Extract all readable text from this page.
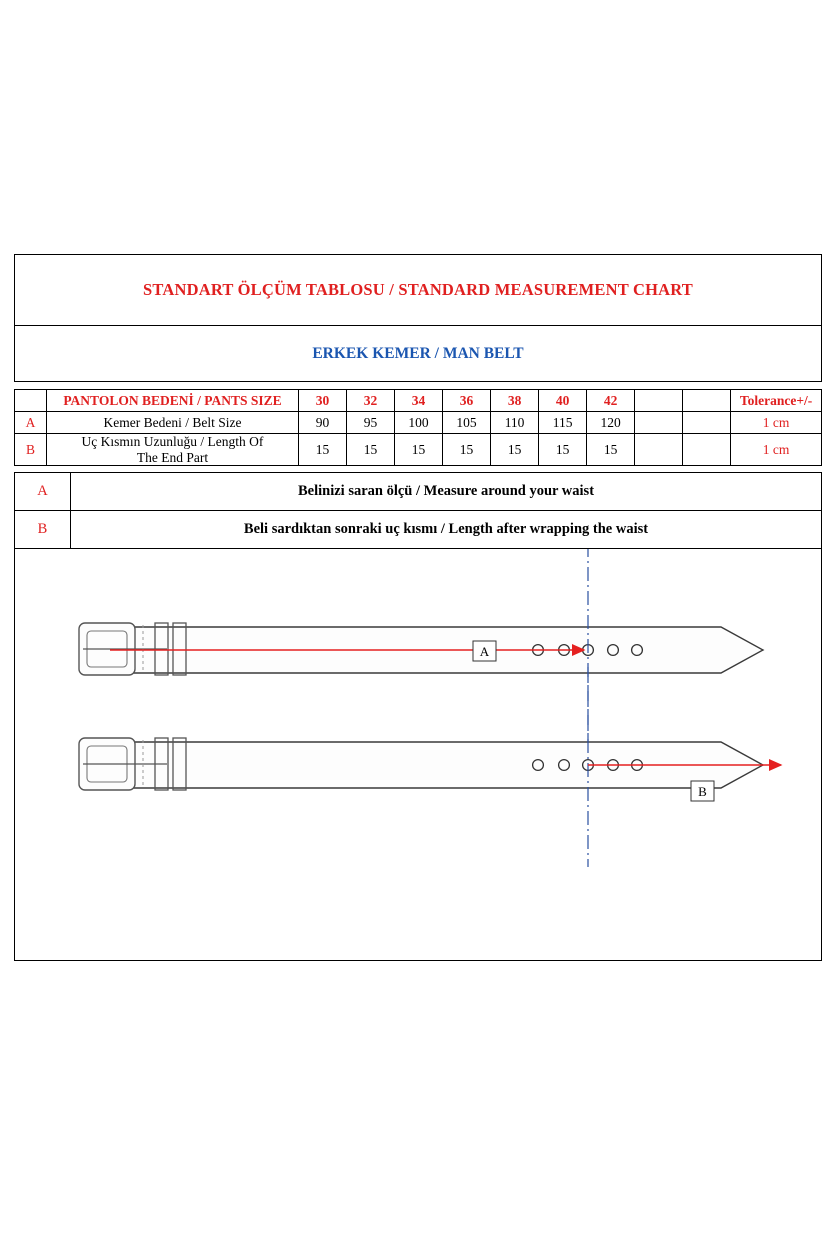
STANDART ÖLÇÜM TABLOSU / STANDARD MEASUREMENT CHART
ERKEK KEMER / MAN BELT
	PANTOLON BEDENİ / PANTS SIZE	30	32	34	36	38	40	42			Tolerance+/-
A	Kemer Bedeni / Belt Size	90	95	100	105	110	115	120			1 cm
B	Uç Kısmın Uzunluğu / Length Of
The End Part	15	15	15	15	15	15	15			1 cm
A	Belinizi saran ölçü / Measure around your waist
B	Beli sardıktan sonraki uç kısmı / Length after wrapping the waist
A
B
